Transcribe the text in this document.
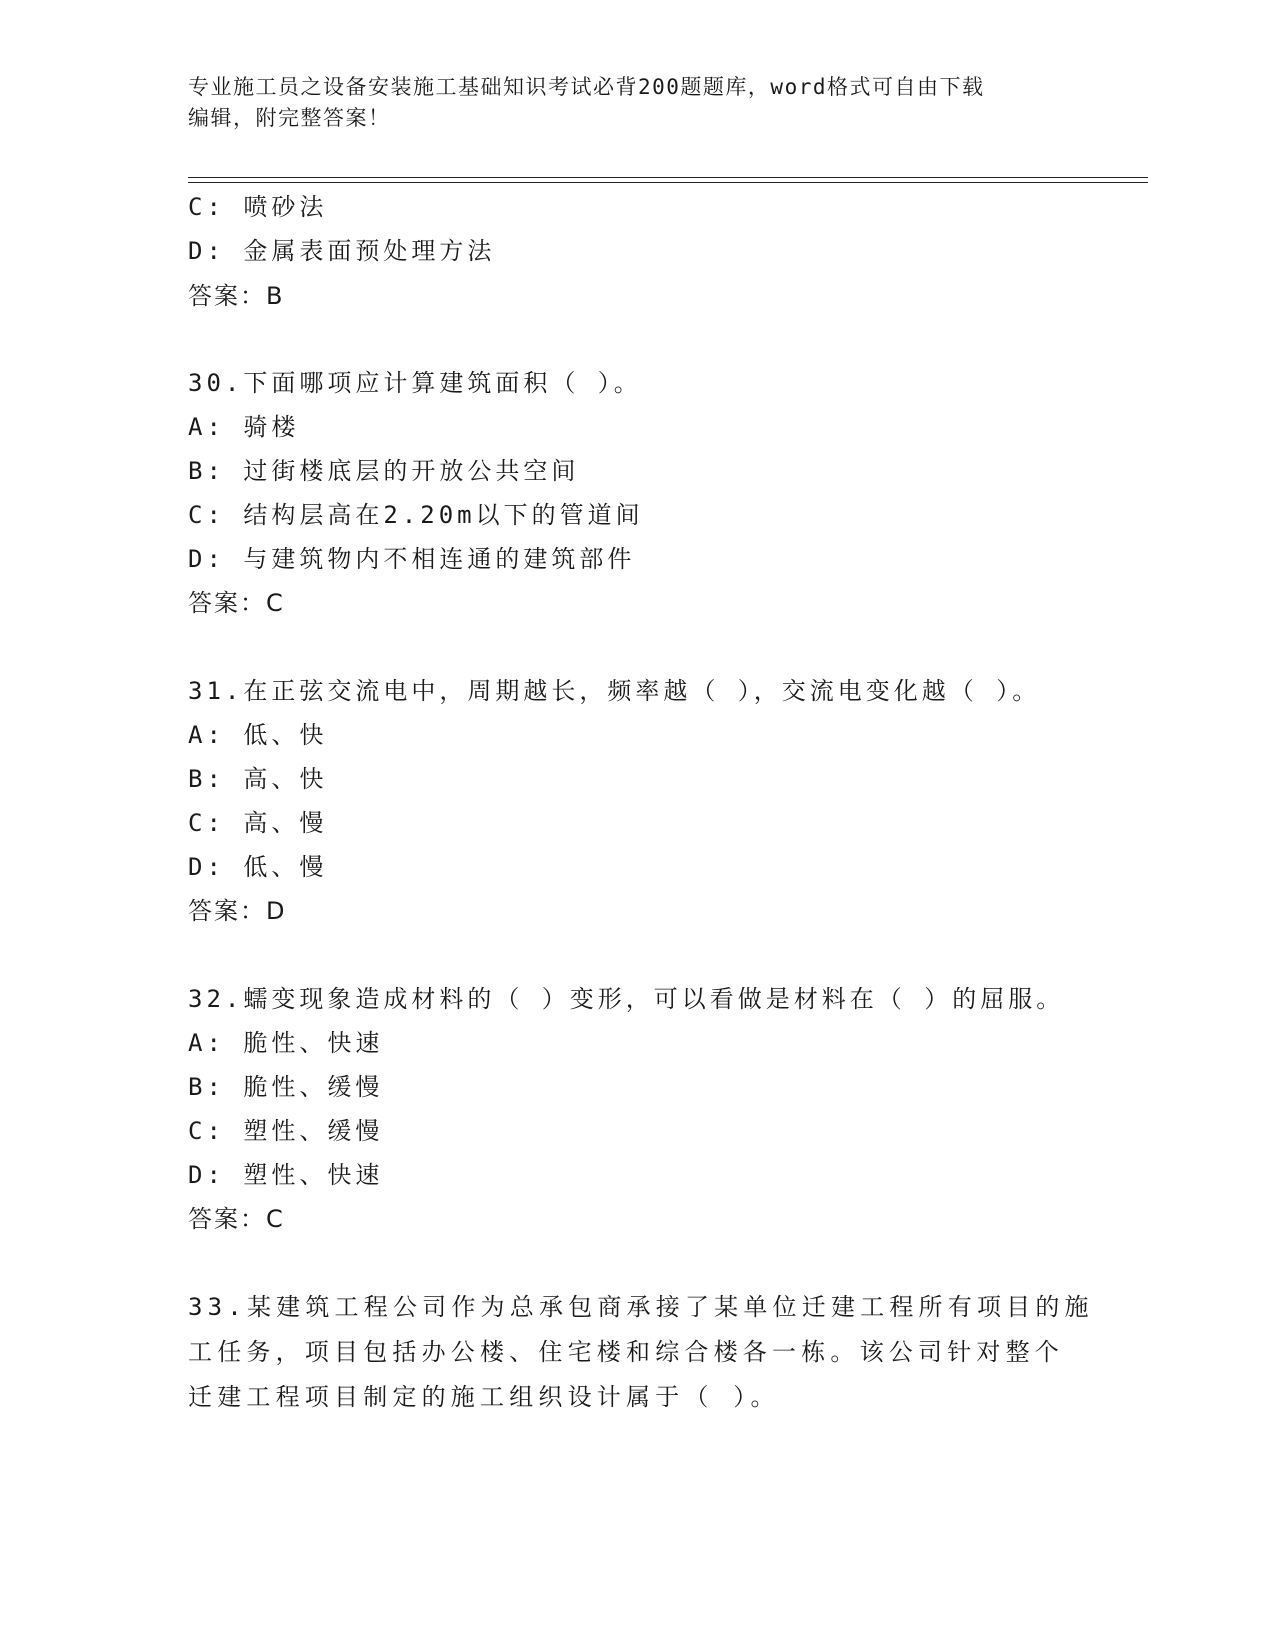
专业施工员之设备安装施工基础知识考试必背200题题库，word格式可自由下载
编辑，附完整答案！
C: 喷砂法
D: 金属表面预处理方法
答案：B
30.下面哪项应计算建筑面积（ ）。
A: 骑楼
B: 过街楼底层的开放公共空间
C: 结构层高在2.20m以下的管道间
D: 与建筑物内不相连通的建筑部件
答案：C
31.在正弦交流电中，周期越长，频率越（ ），交流电变化越（ ）。
A: 低、快
B: 高、快
C: 高、慢
D: 低、慢
答案：D
32.蠕变现象造成材料的（ ）变形，可以看做是材料在（ ）的屈服。
A: 脆性、快速
B: 脆性、缓慢
C: 塑性、缓慢
D: 塑性、快速
答案：C
33.某建筑工程公司作为总承包商承接了某单位迁建工程所有项目的施
工任务，项目包括办公楼、住宅楼和综合楼各一栋。该公司针对整个
迁建工程项目制定的施工组织设计属于（ ）。
